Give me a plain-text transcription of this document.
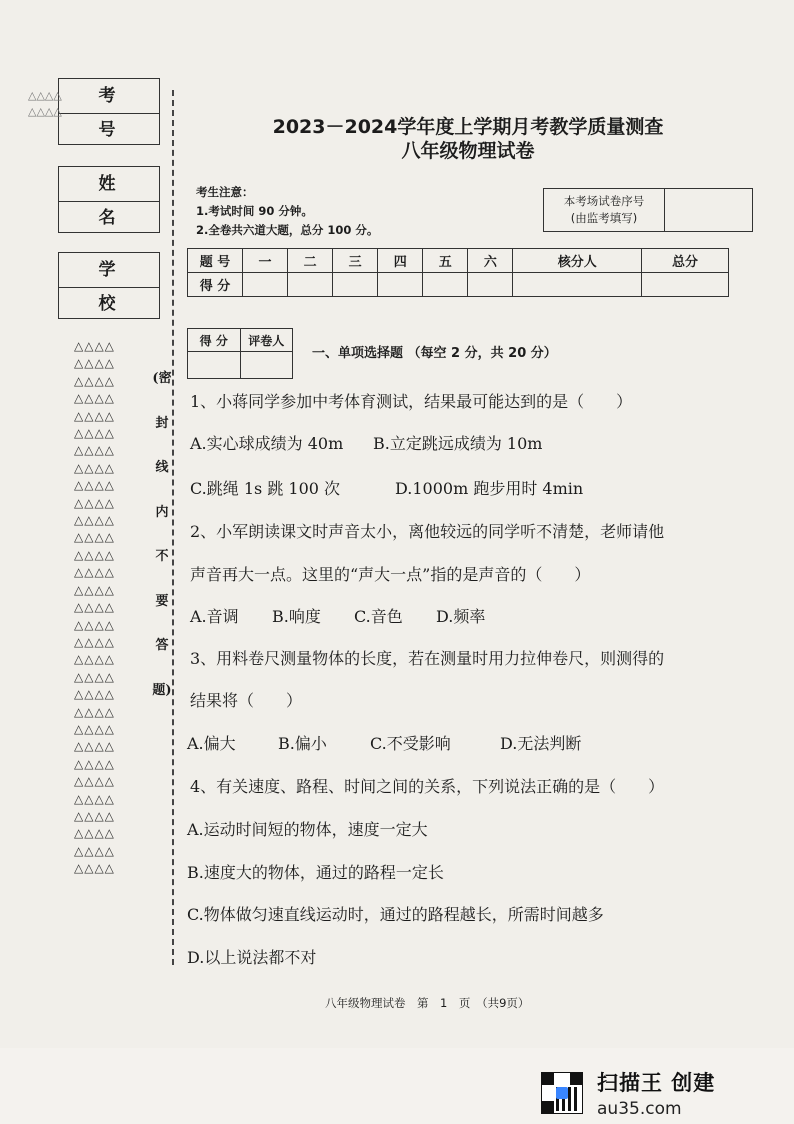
考号
姓名
学校
△△△△
△△△△
△△△△
△△△△
△△△△
△△△△
△△△△
△△△△
△△△△
△△△△
△△△△
△△△△
△△△△
△△△△
△△△△
△△△△
△△△△
△△△△
△△△△
△△△△
△△△△
△△△△
△△△△
△△△△
△△△△
△△△△
△△△△
△△△△
△△△△
△△△△
△△△△
△△△△
△△△△
(密
封
线
内
不
要
答
题)
2023－2024学年度上学期月考教学质量测查
八年级物理试卷
考生注意：
1.考试时间 90 分钟。
2.全卷共六道大题，总分 100 分。
本考场试卷序号
(由监考填写)
题 号	一	二	三	四	五	六	核分人	总分
得 分								
得 分	评卷人

一、单项选择题 （每空 2 分，共 20 分）
1、小蒋同学参加中考体育测试，结果最可能达到的是（　　）
A.实心球成绩为 40m B.立定跳远成绩为 10m
C.跳绳 1s 跳 100 次	D.1000m 跑步用时 4min
2、小军朗读课文时声音太小，离他较远的同学听不清楚，老师请他
声音再大一点。这里的“声大一点”指的是声音的（　　）
A.音调 B.响度 C.音色 D.频率
3、用料卷尺测量物体的长度，若在测量时用力拉伸卷尺，则测得的
结果将（　　）
A.偏大	B.偏小	C.不受影响	D.无法判断
4、有关速度、路程、时间之间的关系，下列说法正确的是（　　）
A.运动时间短的物体，速度一定大
B.速度大的物体，通过的路程一定长
C.物体做匀速直线运动时，通过的路程越长，所需时间越多
D.以上说法都不对
八年级物理试卷　第　1　页　（共9页）
扫描王 创建
au35.com
